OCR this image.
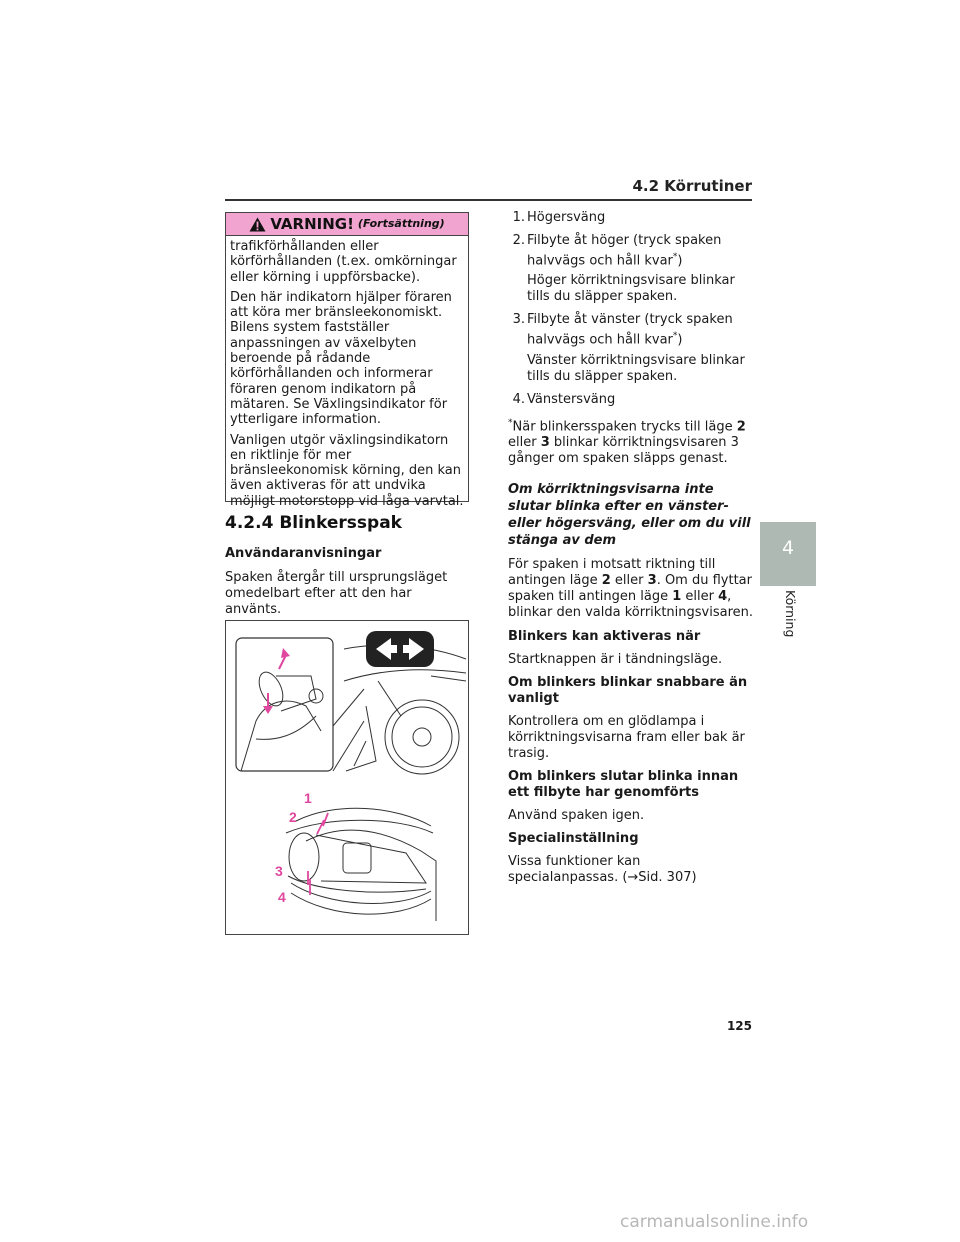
4.2 Körrutiner
VARNING! (Fortsättning)

trafikförhållanden eller körförhållanden (t.ex. omkörningar eller körning i uppförsbacke).

Den här indikatorn hjälper föraren att köra mer bränsleekonomiskt. Bilens system fastställer anpassningen av växelbyten beroende på rådande körförhållanden och informerar föraren genom indikatorn på mätaren. Se Växlingsindikator för ytterligare information.

Vanligen utgör växlingsindikatorn en riktlinje för mer bränsleekonomisk körning, den kan även aktiveras för att undvika möjligt motorstopp vid låga varvtal.

4.2.4 Blinkersspak
Användaranvisningar
Spaken återgår till ursprungsläget omedelbart efter att den har använts.
1
2
3
4
1. Högersväng

2. Filbyte åt höger (tryck spaken halvvägs och håll kvar*)

Höger körriktningsvisare blinkar tills du släpper spaken.

3. Filbyte åt vänster (tryck spaken halvvägs och håll kvar*)

Vänster körriktningsvisare blinkar tills du släpper spaken.

4. Vänstersväng

*När blinkersspaken trycks till läge 2 eller 3 blinkar körriktningsvisaren 3 gånger om spaken släpps genast.

Om körriktningsvisarna inte slutar blinka efter en vänster- eller högersväng, eller om du vill stänga av dem

För spaken i motsatt riktning till antingen läge 2 eller 3. Om du flyttar spaken till antingen läge 1 eller 4, blinkar den valda körriktningsvisaren.

Blinkers kan aktiveras när

Startknappen är i tändningsläge.

Om blinkers blinkar snabbare än vanligt

Kontrollera om en glödlampa i körriktningsvisarna fram eller bak är trasig.

Om blinkers slutar blinka innan ett filbyte har genomförts

Använd spaken igen.

Specialinställning

Vissa funktioner kan specialanpassas. (→Sid. 307)

4
Körning
125
carmanualsonline.info
